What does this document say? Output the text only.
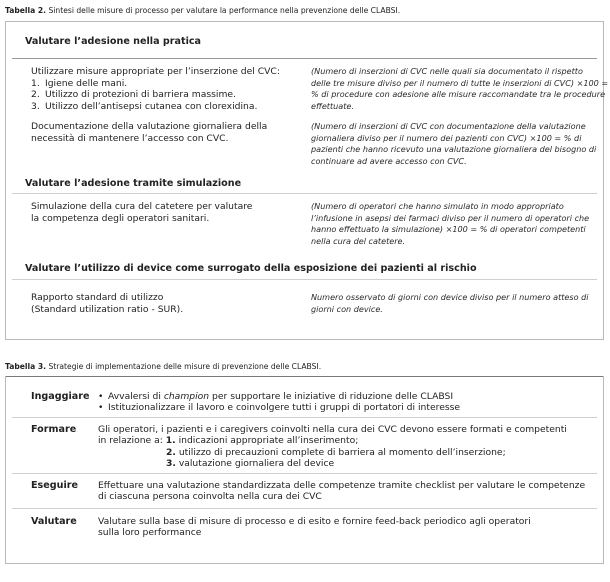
Tabella 2. Sintesi delle misure di processo per valutare la performance nella prevenzione delle CLABSI.
Valutare l’adesione nella pratica
Utilizzare misure appropriate per l’inserzione del CVC:
1. Igiene delle mani.
2. Utilizzo di protezioni di barriera massime.
3. Utilizzo dell’antisepsi cutanea con clorexidina.
(Numero di inserzioni di CVC nelle quali sia documentato il rispetto
delle tre misure diviso per il numero di tutte le inserzioni di CVC) ×100 =
% di procedure con adesione alle misure raccomandate tra le procedure
effettuate.
Documentazione della valutazione giornaliera della
necessità di mantenere l’accesso con CVC.
(Numero di inserzioni di CVC con documentazione della valutazione
giornaliera diviso per il numero dei pazienti con CVC) ×100 = % di
pazienti che hanno ricevuto una valutazione giornaliera del bisogno di
continuare ad avere accesso con CVC.
Valutare l’adesione tramite simulazione
Simulazione della cura del catetere per valutare
la competenza degli operatori sanitari.
(Numero di operatori che hanno simulato in modo appropriato
l’infusione in asepsi dei farmaci diviso per il numero di operatori che
hanno effettuato la simulazione) ×100 = % di operatori competenti
nella cura del catetere.
Valutare l’utilizzo di device come surrogato della esposizione dei pazienti al rischio
Rapporto standard di utilizzo
(Standard utilization ratio - SUR).
Numero osservato di giorni con device diviso per il numero atteso di
giorni con device.
Tabella 3. Strategie di implementazione delle misure di prevenzione delle CLABSI.
Ingaggiare • Avvalersi di champion per supportare le iniziative di riduzione delle CLABSI
• Istituzionalizzare il lavoro e coinvolgere tutti i gruppi di portatori di interesse
Formare Gli operatori, i pazienti e i caregivers coinvolti nella cura dei CVC devono essere formati e competenti
in relazione a: 1. indicazioni appropriate all’inserimento;
2. utilizzo di precauzioni complete di barriera al momento dell’inserzione;
3. valutazione giornaliera del device
Eseguire Effettuare una valutazione standardizzata delle competenze tramite checklist per valutare le competenze
di ciascuna persona coinvolta nella cura dei CVC
Valutare Valutare sulla base di misure di processo e di esito e fornire feed-back periodico agli operatori
sulla loro performance
